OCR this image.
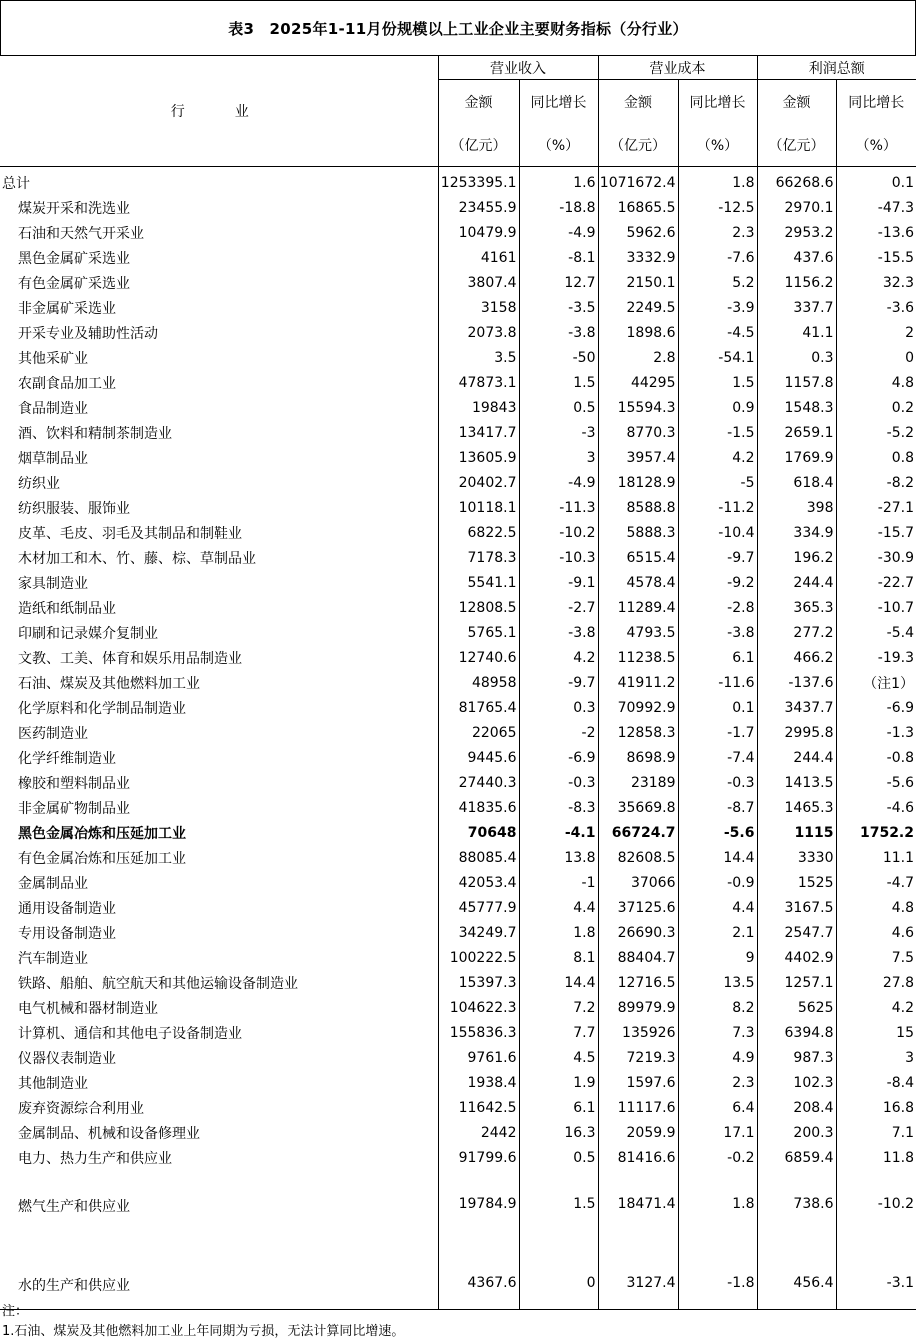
表3　2025年1-11月份规模以上工业企业主要财务指标（分行业）
行　业	营业收入		营业成本		利润总额	
	金额	同比增长	金额	同比增长	金额	同比增长
	（亿元）	（%）	（亿元）	（%）	（亿元）	（%）
总计	1253395.1	1.6	1071672.4	1.8	66268.6	0.1
煤炭开采和洗选业	23455.9	-18.8	16865.5	-12.5	2970.1	-47.3
石油和天然气开采业	10479.9	-4.9	5962.6	2.3	2953.2	-13.6
黑色金属矿采选业	4161	-8.1	3332.9	-7.6	437.6	-15.5
有色金属矿采选业	3807.4	12.7	2150.1	5.2	1156.2	32.3
非金属矿采选业	3158	-3.5	2249.5	-3.9	337.7	-3.6
开采专业及辅助性活动	2073.8	-3.8	1898.6	-4.5	41.1	2
其他采矿业	3.5	-50	2.8	-54.1	0.3	0
农副食品加工业	47873.1	1.5	44295	1.5	1157.8	4.8
食品制造业	19843	0.5	15594.3	0.9	1548.3	0.2
酒、饮料和精制茶制造业	13417.7	-3	8770.3	-1.5	2659.1	-5.2
烟草制品业	13605.9	3	3957.4	4.2	1769.9	0.8
纺织业	20402.7	-4.9	18128.9	-5	618.4	-8.2
纺织服装、服饰业	10118.1	-11.3	8588.8	-11.2	398	-27.1
皮革、毛皮、羽毛及其制品和制鞋业	6822.5	-10.2	5888.3	-10.4	334.9	-15.7
木材加工和木、竹、藤、棕、草制品业	7178.3	-10.3	6515.4	-9.7	196.2	-30.9
家具制造业	5541.1	-9.1	4578.4	-9.2	244.4	-22.7
造纸和纸制品业	12808.5	-2.7	11289.4	-2.8	365.3	-10.7
印刷和记录媒介复制业	5765.1	-3.8	4793.5	-3.8	277.2	-5.4
文教、工美、体育和娱乐用品制造业	12740.6	4.2	11238.5	6.1	466.2	-19.3
石油、煤炭及其他燃料加工业	48958	-9.7	41911.2	-11.6	-137.6	（注1）
化学原料和化学制品制造业	81765.4	0.3	70992.9	0.1	3437.7	-6.9
医药制造业	22065	-2	12858.3	-1.7	2995.8	-1.3
化学纤维制造业	9445.6	-6.9	8698.9	-7.4	244.4	-0.8
橡胶和塑料制品业	27440.3	-0.3	23189	-0.3	1413.5	-5.6
非金属矿物制品业	41835.6	-8.3	35669.8	-8.7	1465.3	-4.6
黑色金属冶炼和压延加工业	70648	-4.1	66724.7	-5.6	1115	1752.2
有色金属冶炼和压延加工业	88085.4	13.8	82608.5	14.4	3330	11.1
金属制品业	42053.4	-1	37066	-0.9	1525	-4.7
通用设备制造业	45777.9	4.4	37125.6	4.4	3167.5	4.8
专用设备制造业	34249.7	1.8	26690.3	2.1	2547.7	4.6
汽车制造业	100222.5	8.1	88404.7	9	4402.9	7.5
铁路、船舶、航空航天和其他运输设备制造业	15397.3	14.4	12716.5	13.5	1257.1	27.8
电气机械和器材制造业	104622.3	7.2	89979.9	8.2	5625	4.2
计算机、通信和其他电子设备制造业	155836.3	7.7	135926	7.3	6394.8	15
仪器仪表制造业	9761.6	4.5	7219.3	4.9	987.3	3
其他制造业	1938.4	1.9	1597.6	2.3	102.3	-8.4
废弃资源综合利用业	11642.5	6.1	11117.6	6.4	208.4	16.8
金属制品、机械和设备修理业	2442	16.3	2059.9	17.1	200.3	7.1
电力、热力生产和供应业	91799.6	0.5	81416.6	-0.2	6859.4	11.8
燃气生产和供应业	19784.9	1.5	18471.4	1.8	738.6	-10.2
水的生产和供应业	4367.6	0	3127.4	-1.8	456.4	-3.1
注：
1.石油、煤炭及其他燃料加工业上年同期为亏损，无法计算同比增速。
